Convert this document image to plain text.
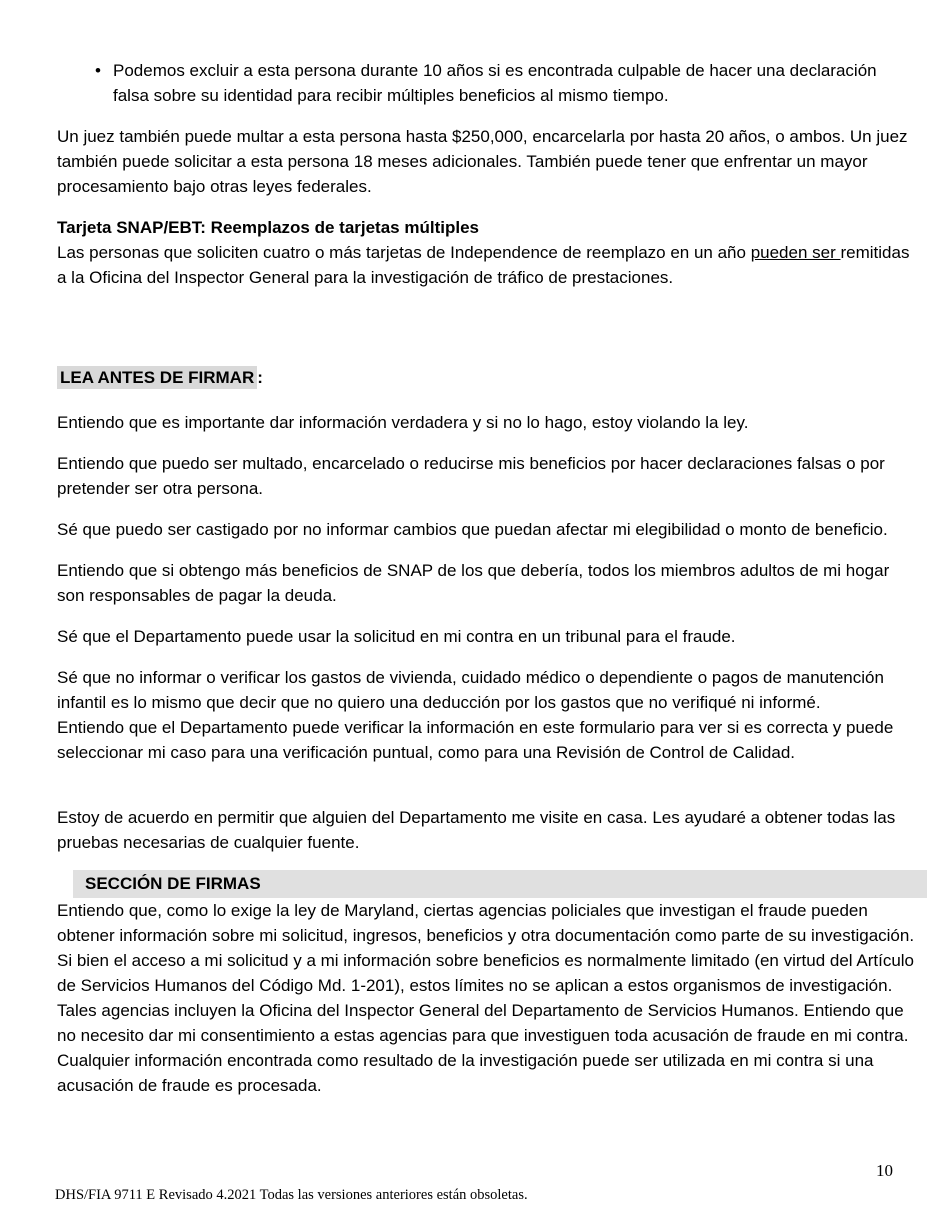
• Podemos excluir a esta persona durante 10 años si es encontrada culpable de hacer una declaración falsa sobre su identidad para recibir múltiples beneficios al mismo tiempo.
Un juez también puede multar a esta persona hasta $250,000, encarcelarla por hasta 20 años, o ambos. Un juez también puede solicitar a esta persona 18 meses adicionales. También puede tener que enfrentar un mayor procesamiento bajo otras leyes federales.
Tarjeta SNAP/EBT: Reemplazos de tarjetas múltiples
Las personas que soliciten cuatro o más tarjetas de Independence de reemplazo en un año pueden ser remitidas a la Oficina del Inspector General para la investigación de tráfico de prestaciones.
LEA ANTES DE FIRMAR :
Entiendo que es importante dar información verdadera y si no lo hago, estoy violando la ley.
Entiendo que puedo ser multado, encarcelado o reducirse mis beneficios por hacer declaraciones falsas o por pretender ser otra persona.
Sé que puedo ser castigado por no informar cambios que puedan afectar mi elegibilidad o monto de beneficio.
Entiendo que si obtengo más beneficios de SNAP de los que debería, todos los miembros adultos de mi hogar son responsables de pagar la deuda.
Sé que el Departamento puede usar la solicitud en mi contra en un tribunal para el fraude.
Sé que no informar o verificar los gastos de vivienda, cuidado médico o dependiente o pagos de manutención infantil es lo mismo que decir que no quiero una deducción por los gastos que no verifiqué ni informé.
Entiendo que el Departamento puede verificar la información en este formulario para ver si es correcta y puede seleccionar mi caso para una verificación puntual, como para una Revisión de Control de Calidad.
Estoy de acuerdo en permitir que alguien del Departamento me visite en casa. Les ayudaré a obtener todas las pruebas necesarias de cualquier fuente.
SECCIÓN DE FIRMAS
Entiendo que, como lo exige la ley de Maryland, ciertas agencias policiales que investigan el fraude pueden obtener información sobre mi solicitud, ingresos, beneficios y otra documentación como parte de su investigación. Si bien el acceso a mi solicitud y a mi información sobre beneficios es normalmente limitado (en virtud del Artículo de Servicios Humanos del Código Md. 1-201), estos límites no se aplican a estos organismos de investigación. Tales agencias incluyen la Oficina del Inspector General del Departamento de Servicios Humanos. Entiendo que no necesito dar mi consentimiento a estas agencias para que investiguen toda acusación de fraude en mi contra. Cualquier información encontrada como resultado de la investigación puede ser utilizada en mi contra si una acusación de fraude es procesada.
10
DHS/FIA 9711 E Revisado 4.2021 Todas las versiones anteriores están obsoletas.
